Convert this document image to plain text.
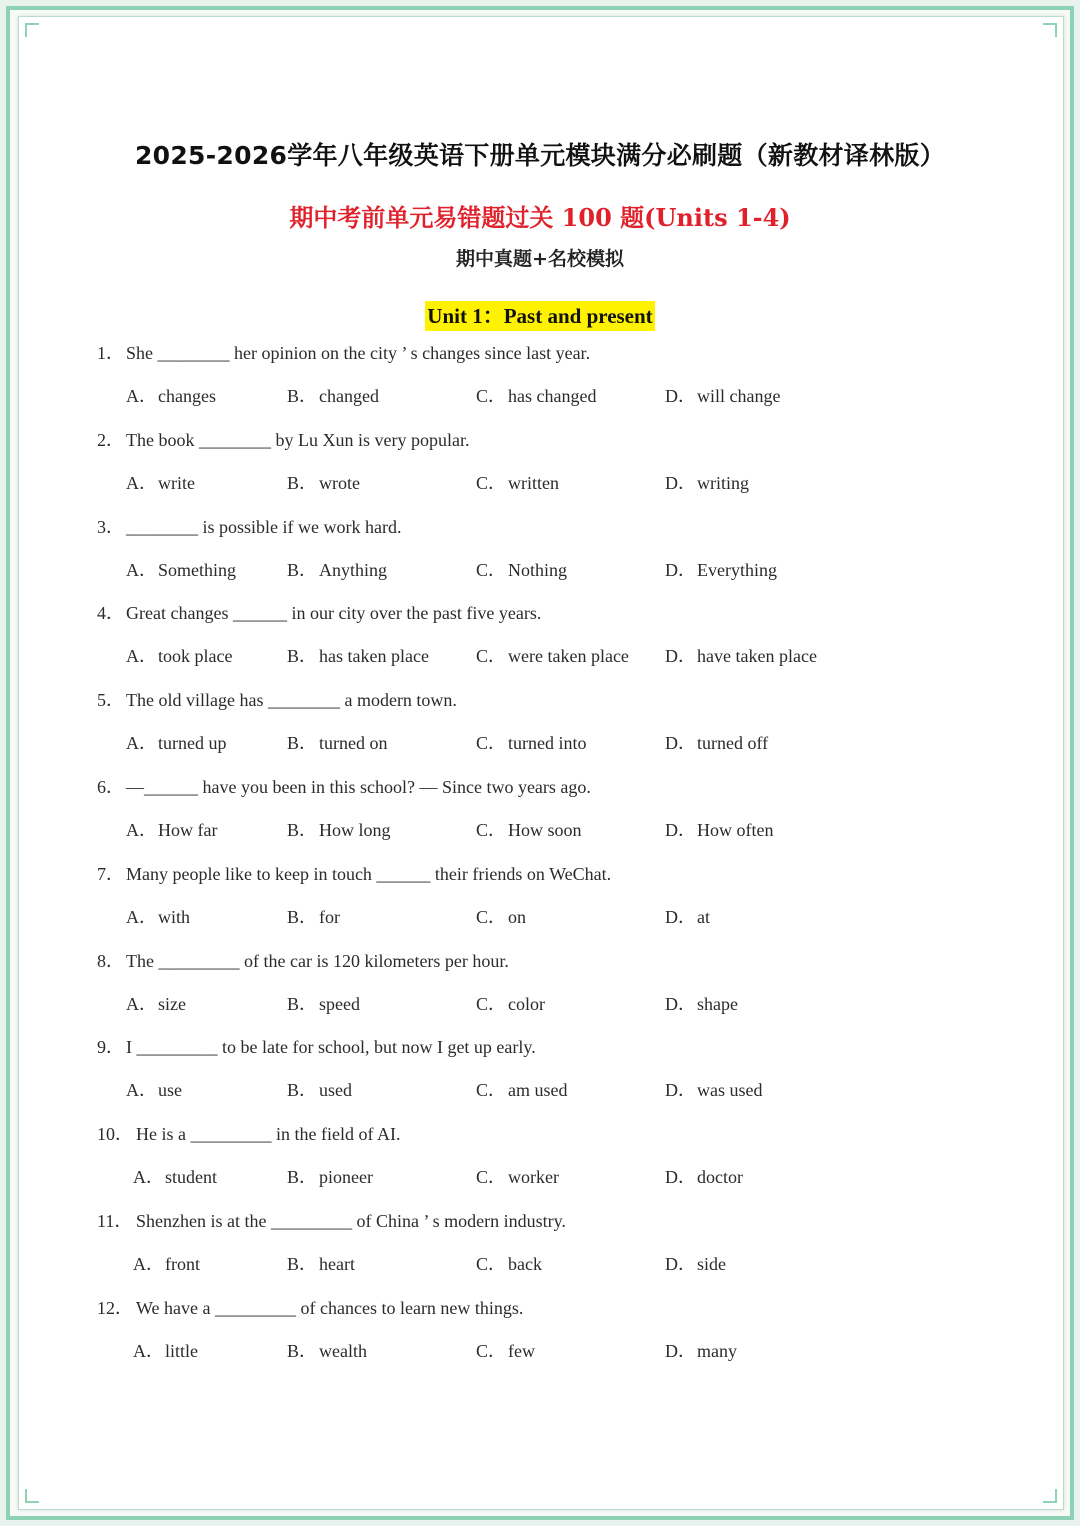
2025-2026学年八年级英语下册单元模块满分必刷题（新教材译林版）
期中考前单元易错题过关 100 题(Units 1-4)
期中真题+名校模拟
Unit 1：Past and present
1． She ________ her opinion on the city ’ s changes since last year.
A．changes	B． changed	C． has changed	D．will change
2． The book ________ by Lu Xun is very popular.
A．write	B． wrote	C． written	D．writing
3． ________ is possible if we work hard.
A．Something	B． Anything	C． Nothing	D．Everything
4． Great changes ______ in our city over the past five years.
A．took place	B． has taken place	C． were taken place D．have taken place
5． The old village has ________ a modern town.
A．turned up	B． turned on	C． turned into	D．turned off
6． —______ have you been in this school? — Since two years ago.
A．How far	B． How long	C． How soon	D．How often
7． Many people like to keep in touch ______ their friends on WeChat.
A．with	B． for	C． on	D．at
8． The _________ of the car is 120 kilometers per hour.
A．size	B． speed	C． color	D．shape
9． I _________ to be late for school, but now I get up early.
A．use	B． used	C． am used	D．was used
10． He is a _________ in the field of AI.
A．student	B． pioneer	C． worker	D．doctor
11． Shenzhen is at the _________ of China ’ s modern industry.
A．front	B． heart	C． back	D．side
12． We have a _________ of chances to learn new things.
A．little	B． wealth	C． few	D．many
